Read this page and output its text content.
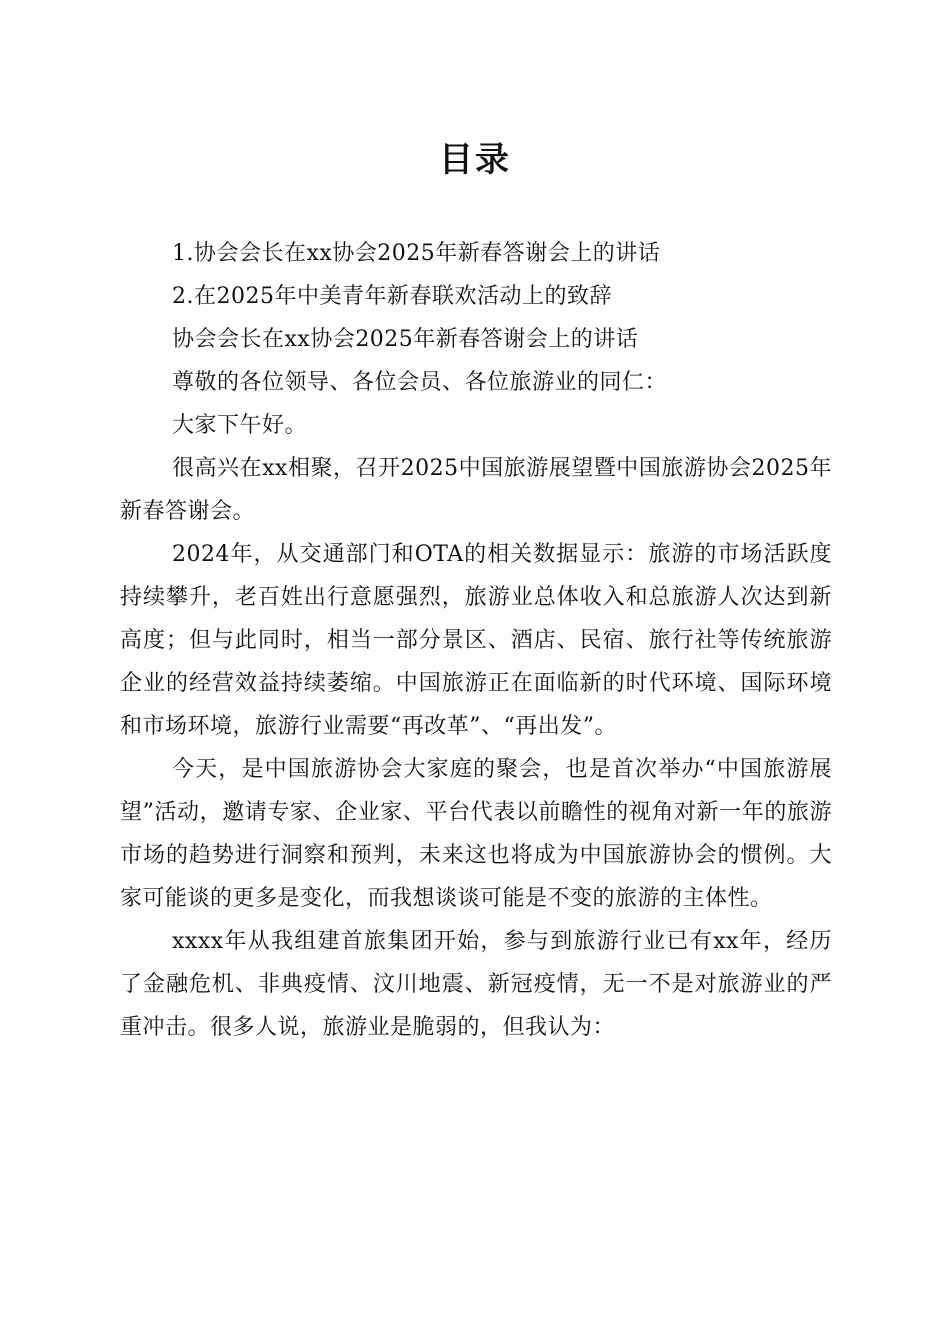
目录

1.协会会长在xx协会2025年新春答谢会上的讲话

2.在2025年中美青年新春联欢活动上的致辞

协会会长在xx协会2025年新春答谢会上的讲话

尊敬的各位领导、各位会员、各位旅游业的同仁：

大家下午好。

很高兴在xx相聚，召开2025中国旅游展望暨中国旅游协会2025年新春答谢会。

2024年，从交通部门和OTA的相关数据显示：旅游的市场活跃度持续攀升，老百姓出行意愿强烈，旅游业总体收入和总旅游人次达到新高度；但与此同时，相当一部分景区、酒店、民宿、旅行社等传统旅游企业的经营效益持续萎缩。中国旅游正在面临新的时代环境、国际环境和市场环境，旅游行业需要“再改革”、“再出发”。

今天，是中国旅游协会大家庭的聚会，也是首次举办“中国旅游展望”活动，邀请专家、企业家、平台代表以前瞻性的视角对新一年的旅游市场的趋势进行洞察和预判，未来这也将成为中国旅游协会的惯例。大家可能谈的更多是变化，而我想谈谈可能是不变的旅游的主体性。

xxxx年从我组建首旅集团开始，参与到旅游行业已有xx年，经历了金融危机、非典疫情、汶川地震、新冠疫情，无一不是对旅游业的严重冲击。很多人说，旅游业是脆弱的，但我认为：
